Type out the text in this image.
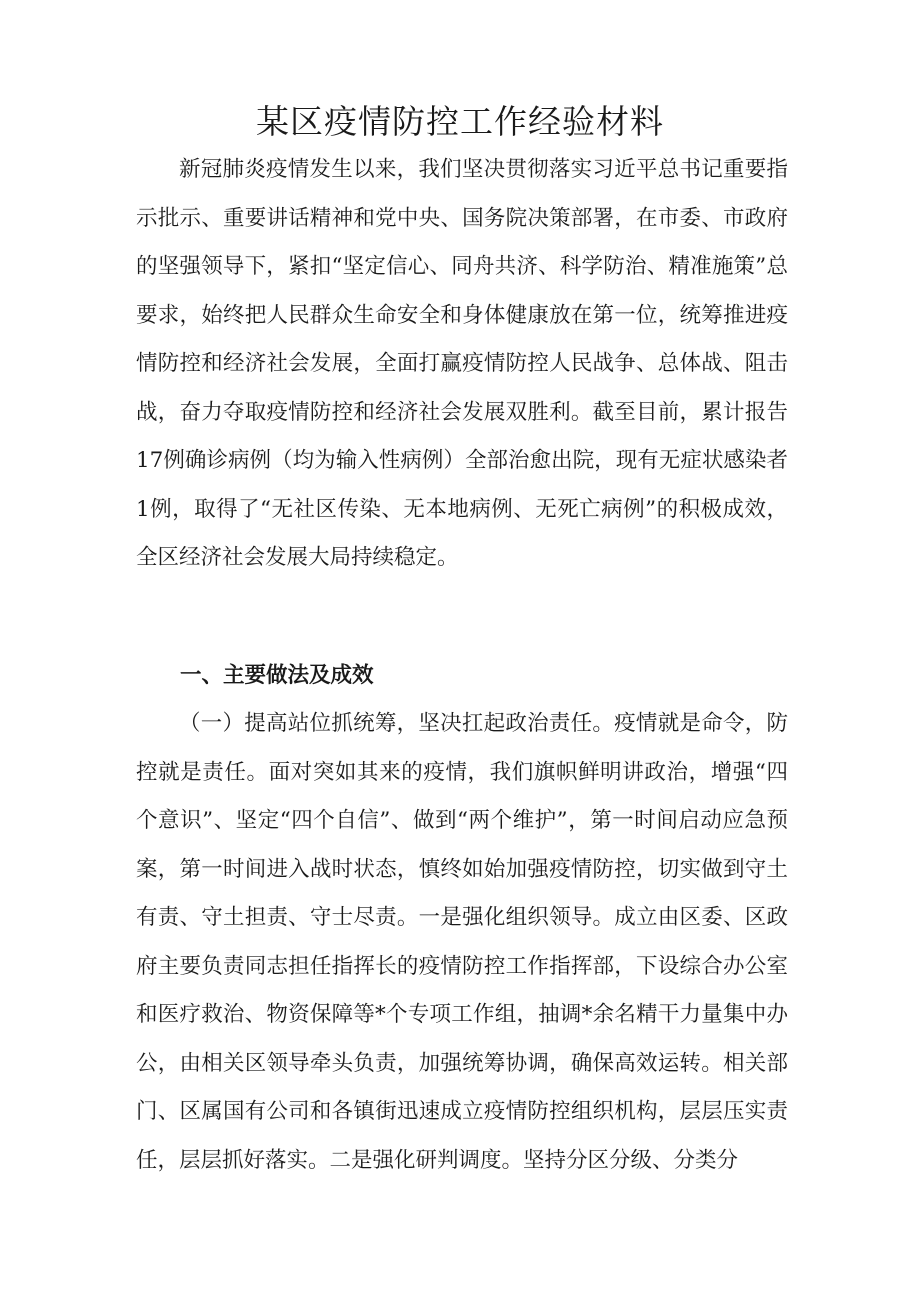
某区疫情防控工作经验材料

新冠肺炎疫情发生以来，我们坚决贯彻落实习近平总书记重要指示批示、重要讲话精神和党中央、国务院决策部署，在市委、市政府的坚强领导下，紧扣“坚定信心、同舟共济、科学防治、精准施策”总要求，始终把人民群众生命安全和身体健康放在第一位，统筹推进疫情防控和经济社会发展，全面打赢疫情防控人民战争、总体战、阻击战，奋力夺取疫情防控和经济社会发展双胜利。截至目前，累计报告17例确诊病例（均为输入性病例）全部治愈出院，现有无症状感染者1例，取得了“无社区传染、无本地病例、无死亡病例”的积极成效，全区经济社会发展大局持续稳定。

一、主要做法及成效

（一）提高站位抓统筹，坚决扛起政治责任。疫情就是命令，防控就是责任。面对突如其来的疫情，我们旗帜鲜明讲政治，增强“四个意识”、坚定“四个自信”、做到“两个维护”，第一时间启动应急预案，第一时间进入战时状态，慎终如始加强疫情防控，切实做到守土有责、守土担责、守士尽责。一是强化组织领导。成立由区委、区政府主要负责同志担任指挥长的疫情防控工作指挥部，下设综合办公室和医疗救治、物资保障等*个专项工作组，抽调*余名精干力量集中办公，由相关区领导牵头负责，加强统筹协调，确保高效运转。相关部门、区属国有公司和各镇街迅速成立疫情防控组织机构，层层压实责任，层层抓好落实。二是强化研判调度。坚持分区分级、分类分
